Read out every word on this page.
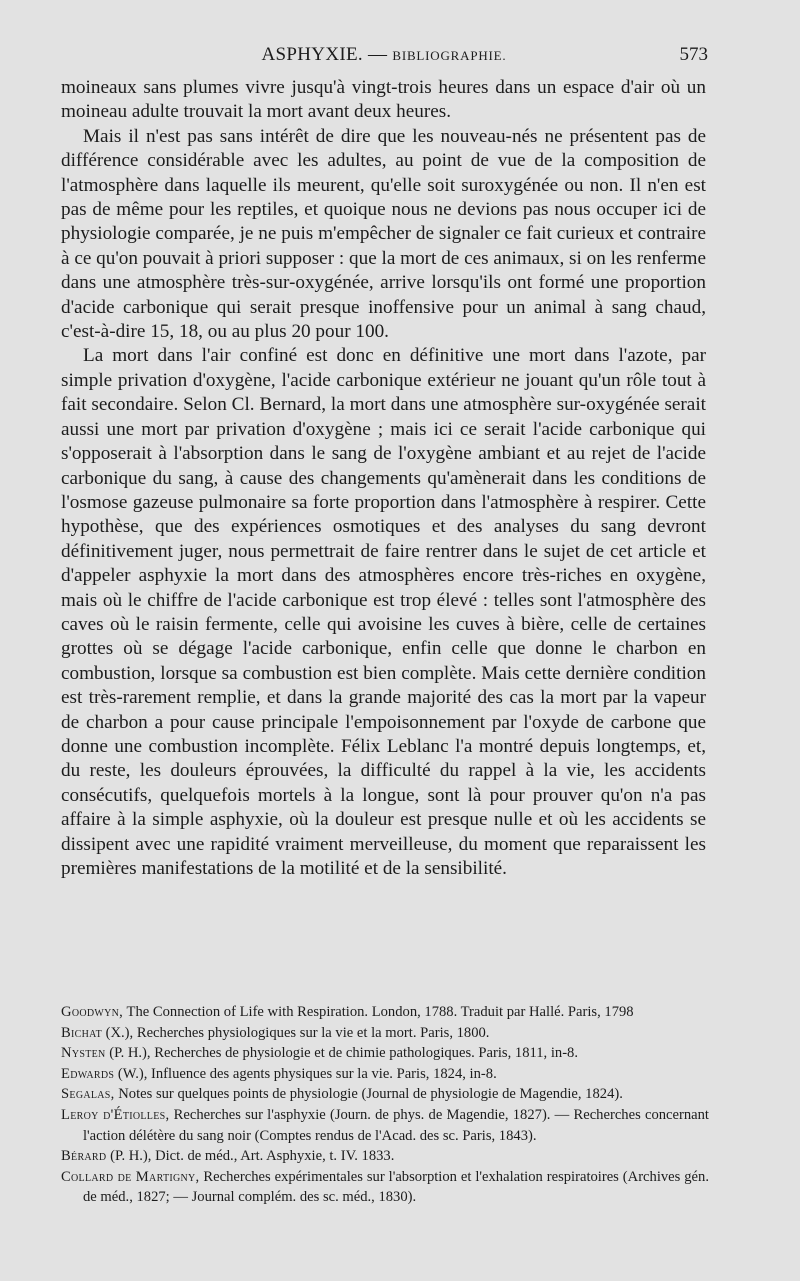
ASPHYXIE. — BIBLIOGRAPHIE.	573

moineaux sans plumes vivre jusqu'à vingt-trois heures dans un espace d'air où un moineau adulte trouvait la mort avant deux heures.

Mais il n'est pas sans intérêt de dire que les nouveau-nés ne présentent pas de différence considérable avec les adultes, au point de vue de la composition de l'atmosphère dans laquelle ils meurent, qu'elle soit suroxygénée ou non. Il n'en est pas de même pour les reptiles, et quoique nous ne devions pas nous occuper ici de physiologie comparée, je ne puis m'empêcher de signaler ce fait curieux et contraire à ce qu'on pouvait à priori supposer : que la mort de ces animaux, si on les renferme dans une atmosphère très-sur-oxygénée, arrive lorsqu'ils ont formé une proportion d'acide carbonique qui serait presque inoffensive pour un animal à sang chaud, c'est-à-dire 15, 18, ou au plus 20 pour 100.

La mort dans l'air confiné est donc en définitive une mort dans l'azote, par simple privation d'oxygène, l'acide carbonique extérieur ne jouant qu'un rôle tout à fait secondaire. Selon Cl. Bernard, la mort dans une atmosphère sur-oxygénée serait aussi une mort par privation d'oxygène ; mais ici ce serait l'acide carbonique qui s'opposerait à l'absorption dans le sang de l'oxygène ambiant et au rejet de l'acide carbonique du sang, à cause des changements qu'amènerait dans les conditions de l'osmose gazeuse pulmonaire sa forte proportion dans l'atmosphère à respirer. Cette hypothèse, que des expériences osmotiques et des analyses du sang devront définitivement juger, nous permettrait de faire rentrer dans le sujet de cet article et d'appeler asphyxie la mort dans des atmosphères encore très-riches en oxygène, mais où le chiffre de l'acide carbonique est trop élevé : telles sont l'atmosphère des caves où le raisin fermente, celle qui avoisine les cuves à bière, celle de certaines grottes où se dégage l'acide carbonique, enfin celle que donne le charbon en combustion, lorsque sa combustion est bien complète. Mais cette dernière condition est très-rarement remplie, et dans la grande majorité des cas la mort par la vapeur de charbon a pour cause principale l'empoisonnement par l'oxyde de carbone que donne une combustion incomplète. Félix Leblanc l'a montré depuis longtemps, et, du reste, les douleurs éprouvées, la difficulté du rappel à la vie, les accidents consécutifs, quelquefois mortels à la longue, sont là pour prouver qu'on n'a pas affaire à la simple asphyxie, où la douleur est presque nulle et où les accidents se dissipent avec une rapidité vraiment merveilleuse, du moment que reparaissent les premières manifestations de la motilité et de la sensibilité.

Goodwyn, The Connection of Life with Respiration. London, 1788. Traduit par Hallé. Paris, 1798

Bichat (X.), Recherches physiologiques sur la vie et la mort. Paris, 1800.

Nysten (P. H.), Recherches de physiologie et de chimie pathologiques. Paris, 1811, in-8.

Edwards (W.), Influence des agents physiques sur la vie. Paris, 1824, in-8.

Segalas, Notes sur quelques points de physiologie (Journal de physiologie de Magendie, 1824).

Leroy d'Étiolles, Recherches sur l'asphyxie (Journ. de phys. de Magendie, 1827). — Recherches concernant l'action délétère du sang noir (Comptes rendus de l'Acad. des sc. Paris, 1843).

Bérard (P. H.), Dict. de méd., Art. Asphyxie, t. IV. 1833.

Collard de Martigny, Recherches expérimentales sur l'absorption et l'exhalation respiratoires (Archives gén. de méd., 1827; — Journal complém. des sc. méd., 1830).
